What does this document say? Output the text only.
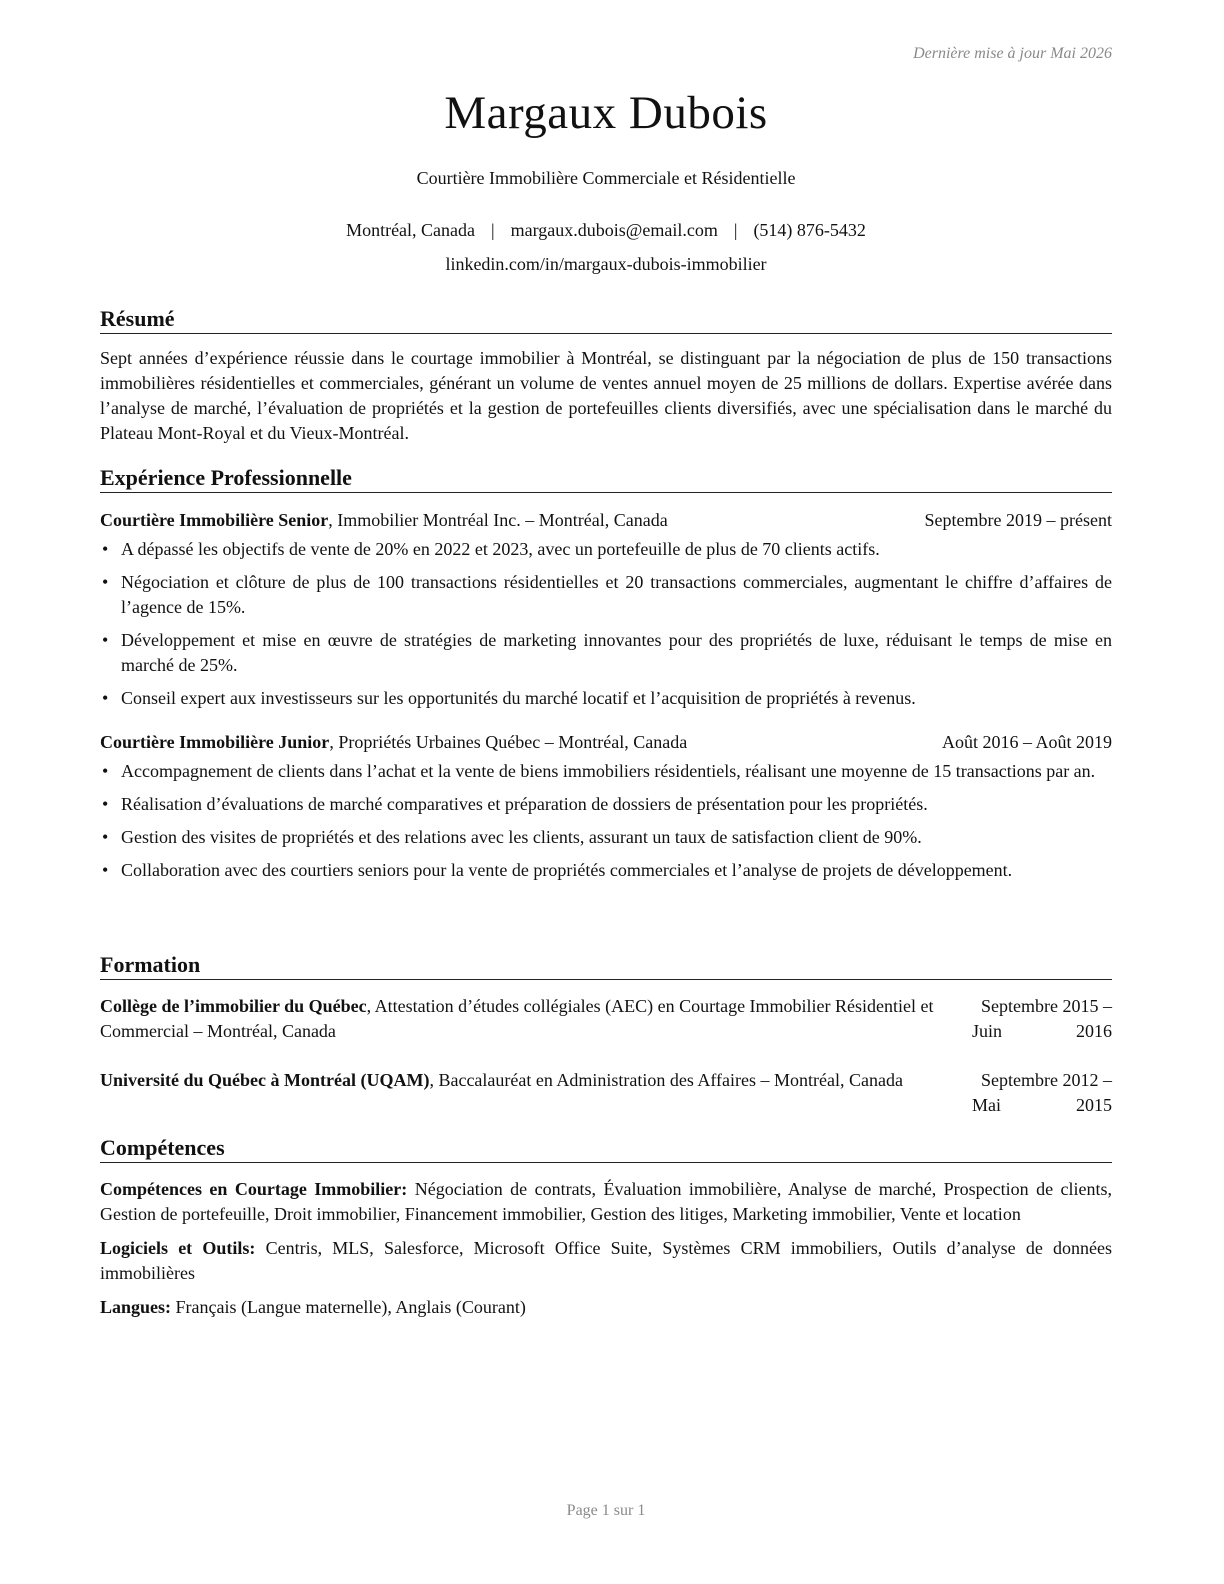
Dernière mise à jour Mai 2026
Margaux Dubois
Courtière Immobilière Commerciale et Résidentielle
Montréal, Canada | margaux.dubois@email.com | (514) 876-5432
linkedin.com/in/margaux-dubois-immobilier
Résumé

Sept années d’expérience réussie dans le courtage immobilier à Montréal, se distinguant par la négociation de plus de 150 transactions immobilières résidentielles et commerciales, générant un volume de ventes annuel moyen de 25 millions de dollars. Expertise avérée dans l’analyse de marché, l’évaluation de propriétés et la gestion de portefeuilles clients diversifiés, avec une spécialisation dans le marché du Plateau Mont-Royal et du Vieux-Montréal.

Expérience Professionnelle
Courtière Immobilière Senior, Immobilier Montréal Inc. – Montréal, Canada	Septembre 2019 – présent
• A dépassé les objectifs de vente de 20% en 2022 et 2023, avec un portefeuille de plus de 70 clients actifs.
• Négociation et clôture de plus de 100 transactions résidentielles et 20 transactions commerciales, augmentant le chiffre d’affaires de l’agence de 15%.
• Développement et mise en œuvre de stratégies de marketing innovantes pour des propriétés de luxe, réduisant le temps de mise en marché de 25%.
• Conseil expert aux investisseurs sur les opportunités du marché locatif et l’acquisition de propriétés à revenus.
Courtière Immobilière Junior, Propriétés Urbaines Québec – Montréal, Canada	Août 2016 – Août 2019
• Accompagnement de clients dans l’achat et la vente de biens immobiliers résidentiels, réalisant une moyenne de 15 transactions par an.
• Réalisation d’évaluations de marché comparatives et préparation de dossiers de présentation pour les propriétés.
• Gestion des visites de propriétés et des relations avec les clients, assurant un taux de satisfaction client de 90%.
• Collaboration avec des courtiers seniors pour la vente de propriétés commerciales et l’analyse de projets de développement.
Formation
Collège de l’immobilier du Québec, Attestation d’études collégiales (AEC) en Courtage Immobilier Résidentiel et Commercial – Montréal, Canada
Septembre 2015 – Juin 2016
Université du Québec à Montréal (UQAM), Baccalauréat en Administration des Affaires – Montréal, Canada	Septembre 2012 – Mai 2015
Compétences
Compétences en Courtage Immobilier: Négociation de contrats, Évaluation immobilière, Analyse de marché, Prospection de clients, Gestion de portefeuille, Droit immobilier, Financement immobilier, Gestion des litiges, Marketing immobilier, Vente et location
Logiciels et Outils: Centris, MLS, Salesforce, Microsoft Office Suite, Systèmes CRM immobiliers, Outils d’analyse de données immobilières
Langues: Français (Langue maternelle), Anglais (Courant)
Page 1 sur 1
